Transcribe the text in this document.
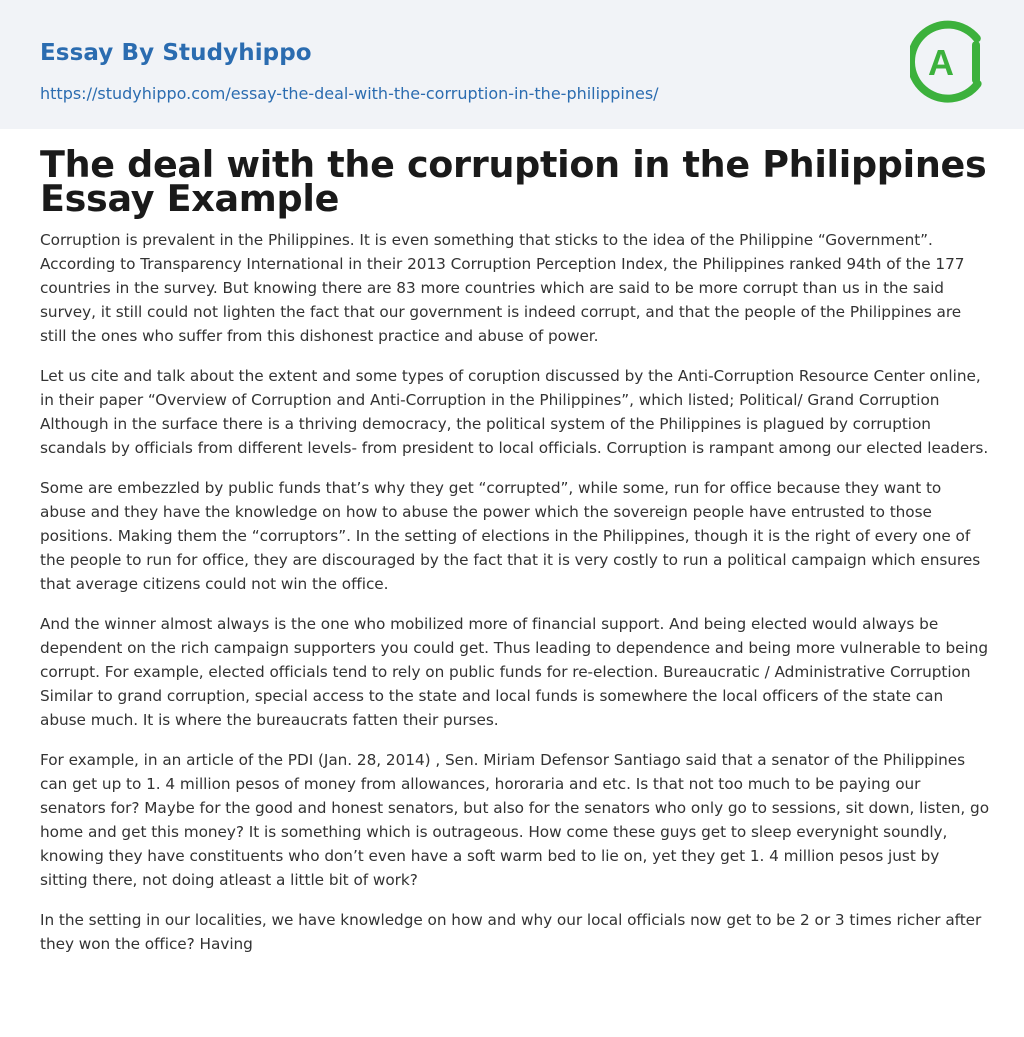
Essay By Studyhippo
https://studyhippo.com/essay-the-deal-with-the-corruption-in-the-philippines/
A
The deal with the corruption in the Philippines Essay Example

Corruption is prevalent in the Philippines. It is even something that sticks to the idea of the Philippine “Government”. According to Transparency International in their 2013 Corruption Perception Index, the Philippines ranked 94th of the 177 countries in the survey. But knowing there are 83 more countries which are said to be more corrupt than us in the said survey, it still could not lighten the fact that our government is indeed corrupt, and that the people of the Philippines are still the ones who suffer from this dishonest practice and abuse of power.

Let us cite and talk about the extent and some types of coruption discussed by the Anti-Corruption Resource Center online, in their paper “Overview of Corruption and Anti-Corruption in the Philippines”, which listed; Political/ Grand Corruption Although in the surface there is a thriving democracy, the political system of the Philippines is plagued by corruption scandals by officials from different levels- from president to local officials. Corruption is rampant among our elected leaders.

Some are embezzled by public funds that’s why they get “corrupted”, while some, run for office because they want to abuse and they have the knowledge on how to abuse the power which the sovereign people have entrusted to those positions. Making them the “corruptors”. In the setting of elections in the Philippines, though it is the right of every one of the people to run for office, they are discouraged by the fact that it is very costly to run a political campaign which ensures that average citizens could not win the office.

And the winner almost always is the one who mobilized more of financial support. And being elected would always be dependent on the rich campaign supporters you could get. Thus leading to dependence and being more vulnerable to being corrupt. For example, elected officials tend to rely on public funds for re-election. Bureaucratic / Administrative Corruption Similar to grand corruption, special access to the state and local funds is somewhere the local officers of the state can abuse much. It is where the bureaucrats fatten their purses.

For example, in an article of the PDI (Jan. 28, 2014) , Sen. Miriam Defensor Santiago said that a senator of the Philippines can get up to 1. 4 million pesos of money from allowances, hororaria and etc. Is that not too much to be paying our senators for? Maybe for the good and honest senators, but also for the senators who only go to sessions, sit down, listen, go home and get this money? It is something which is outrageous. How come these guys get to sleep everynight soundly, knowing they have constituents who don’t even have a soft warm bed to lie on, yet they get 1. 4 million pesos just by sitting there, not doing atleast a little bit of work?

In the setting in our localities, we have knowledge on how and why our local officials now get to be 2 or 3 times richer after they won the office? Having
